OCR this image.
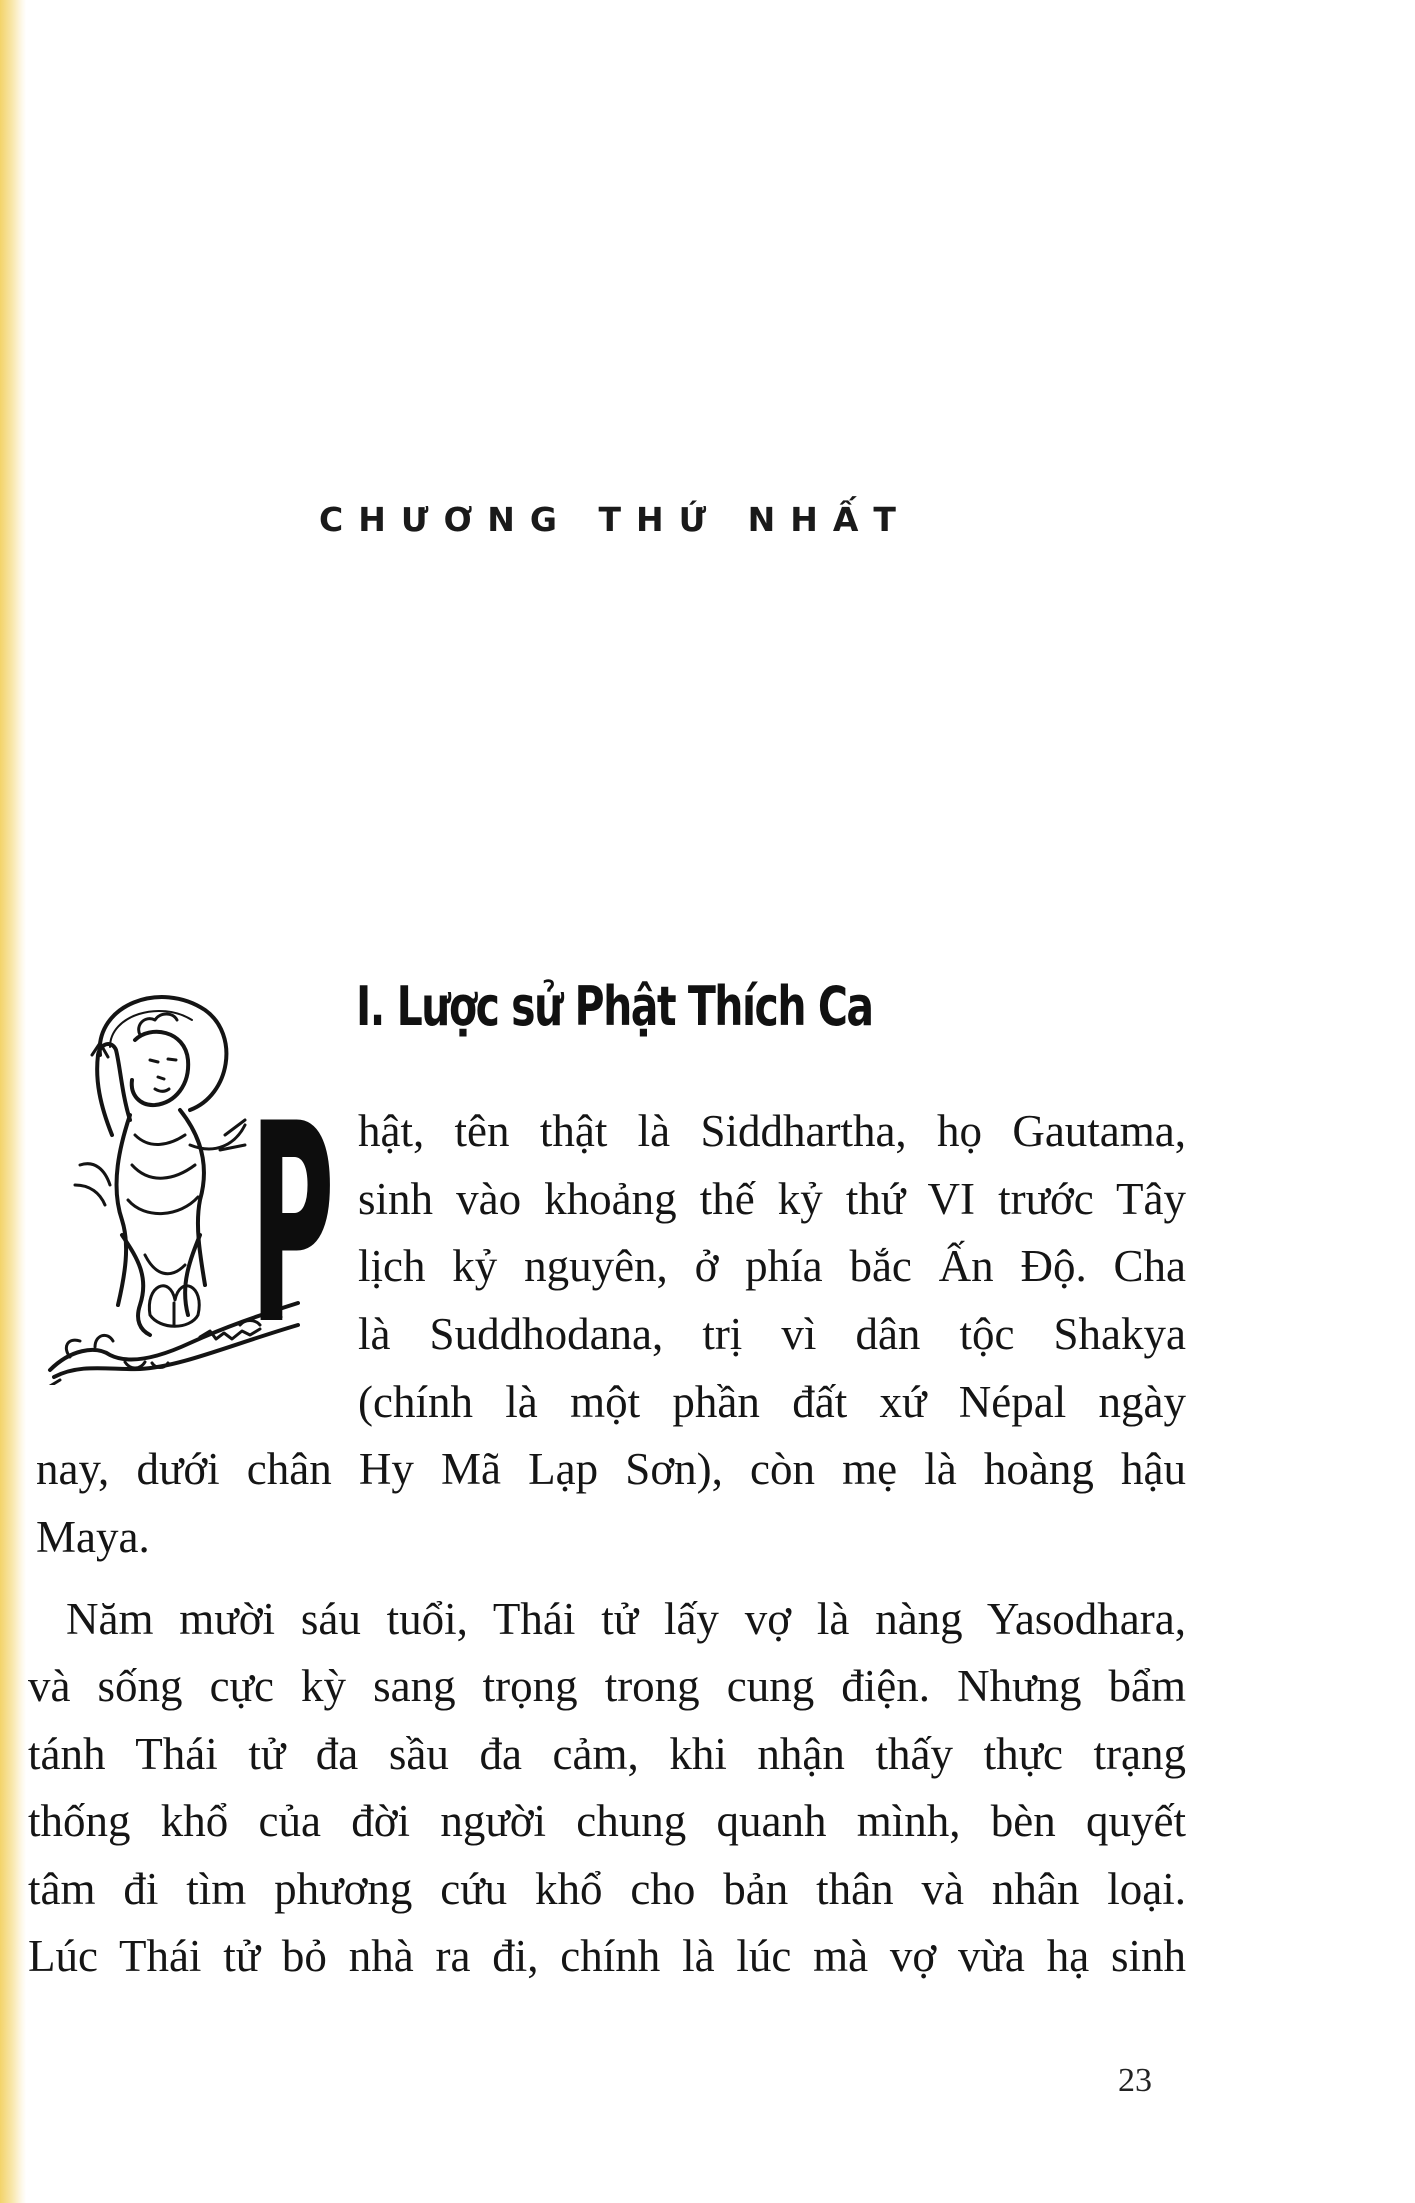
CHƯƠNG THỨ NHẤT
I. Lược sử Phật Thích Ca
P hật, tên thật là Siddhartha, họ Gautama,
sinh vào khoảng thế kỷ thứ VI trước Tây
lịch kỷ nguyên, ở phía bắc Ấn Độ. Cha
là Suddhodana, trị vì dân tộc Shakya
(chính là một phần đất xứ Népal ngày
nay, dưới chân Hy Mã Lạp Sơn), còn mẹ là hoàng hậu
Maya.
Năm mười sáu tuổi, Thái tử lấy vợ là nàng Yasodhara,
và sống cực kỳ sang trọng trong cung điện. Nhưng bẩm
tánh Thái tử đa sầu đa cảm, khi nhận thấy thực trạng
thống khổ của đời người chung quanh mình, bèn quyết
tâm đi tìm phương cứu khổ cho bản thân và nhân loại.
Lúc Thái tử bỏ nhà ra đi, chính là lúc mà vợ vừa hạ sinh
23
